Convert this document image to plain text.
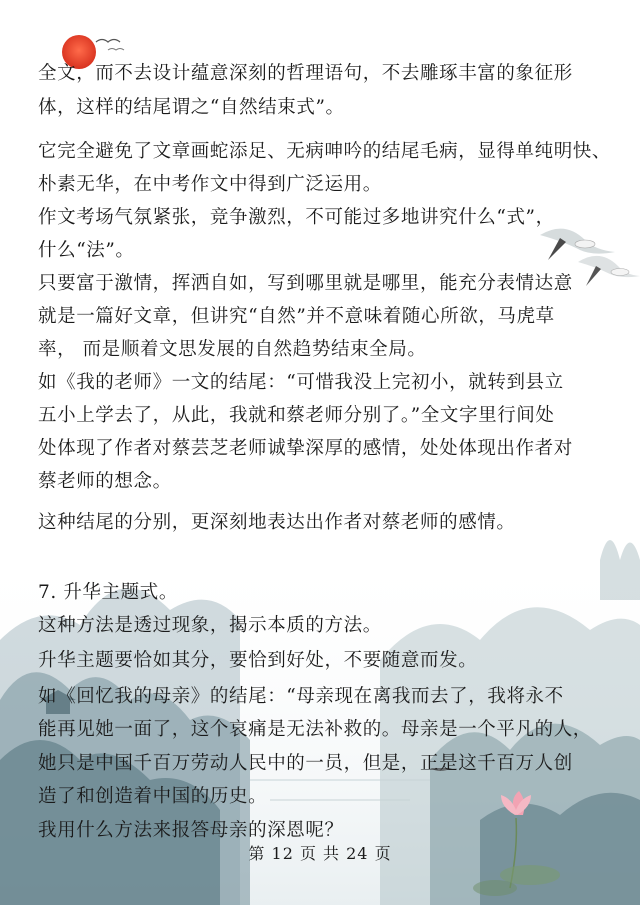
全文，而不去设计蕴意深刻的哲理语句，不去雕琢丰富的象征形
体，这样的结尾谓之“自然结束式”。
它完全避免了文章画蛇添足、无病呻吟的结尾毛病，显得单纯明快、
朴素无华，在中考作文中得到广泛运用。
作文考场气氛紧张，竞争激烈，不可能过多地讲究什么“式”，
什么“法”。
只要富于激情，挥洒自如，写到哪里就是哪里，能充分表情达意
就是一篇好文章，但讲究“自然”并不意味着随心所欲，马虎草
率， 而是顺着文思发展的自然趋势结束全局。
如《我的老师》一文的结尾：“可惜我没上完初小，就转到县立
五小上学去了，从此，我就和蔡老师分别了。”全文字里行间处
处体现了作者对蔡芸芝老师诚挚深厚的感情，处处体现出作者对
蔡老师的想念。
这种结尾的分别，更深刻地表达出作者对蔡老师的感情。
7. 升华主题式。
这种方法是透过现象，揭示本质的方法。
升华主题要恰如其分，要恰到好处，不要随意而发。
如《回忆我的母亲》的结尾：“母亲现在离我而去了，我将永不
能再见她一面了，这个哀痛是无法补救的。母亲是一个平凡的人，
她只是中国千百万劳动人民中的一员，但是，正是这千百万人创
造了和创造着中国的历史。
我用什么方法来报答母亲的深恩呢？
第 12 页 共 24 页
